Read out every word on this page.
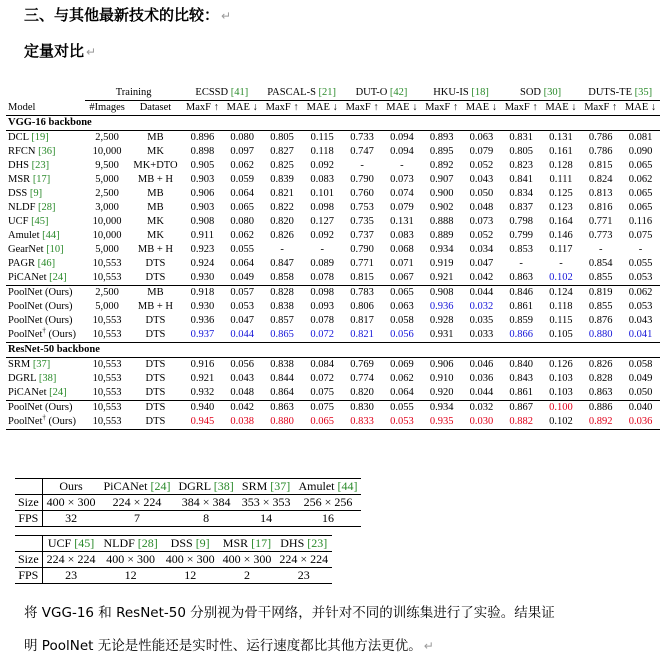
三、与其他最新技术的比较： ↵
定量对比 ↵
	Training		ECSSD [41]		PASCAL-S [21]		DUT-O [42]		HKU-IS [18]		SOD [30]		DUTS-TE [35]	
Model	#Images	Dataset	MaxF ↑	MAE ↓	MaxF ↑	MAE ↓	MaxF ↑	MAE ↓	MaxF ↑	MAE ↓	MaxF ↑	MAE ↓	MaxF ↑	MAE ↓
VGG-16 backbone														
DCL [19]	2,500	MB	0.896	0.080	0.805	0.115	0.733	0.094	0.893	0.063	0.831	0.131	0.786	0.081
RFCN [36]	10,000	MK	0.898	0.097	0.827	0.118	0.747	0.094	0.895	0.079	0.805	0.161	0.786	0.090
DHS [23]	9,500	MK+DTO	0.905	0.062	0.825	0.092	-	-	0.892	0.052	0.823	0.128	0.815	0.065
MSR [17]	5,000	MB + H	0.903	0.059	0.839	0.083	0.790	0.073	0.907	0.043	0.841	0.111	0.824	0.062
DSS [9]	2,500	MB	0.906	0.064	0.821	0.101	0.760	0.074	0.900	0.050	0.834	0.125	0.813	0.065
NLDF [28]	3,000	MB	0.903	0.065	0.822	0.098	0.753	0.079	0.902	0.048	0.837	0.123	0.816	0.065
UCF [45]	10,000	MK	0.908	0.080	0.820	0.127	0.735	0.131	0.888	0.073	0.798	0.164	0.771	0.116
Amulet [44]	10,000	MK	0.911	0.062	0.826	0.092	0.737	0.083	0.889	0.052	0.799	0.146	0.773	0.075
GearNet [10]	5,000	MB + H	0.923	0.055	-	-	0.790	0.068	0.934	0.034	0.853	0.117	-	-
PAGR [46]	10,553	DTS	0.924	0.064	0.847	0.089	0.771	0.071	0.919	0.047	-	-	0.854	0.055
PiCANet [24]	10,553	DTS	0.930	0.049	0.858	0.078	0.815	0.067	0.921	0.042	0.863	0.102	0.855	0.053
PoolNet (Ours)	2,500	MB	0.918	0.057	0.828	0.098	0.783	0.065	0.908	0.044	0.846	0.124	0.819	0.062
PoolNet (Ours)	5,000	MB + H	0.930	0.053	0.838	0.093	0.806	0.063	0.936	0.032	0.861	0.118	0.855	0.053
PoolNet (Ours)	10,553	DTS	0.936	0.047	0.857	0.078	0.817	0.058	0.928	0.035	0.859	0.115	0.876	0.043
PoolNet† (Ours)	10,553	DTS	0.937	0.044	0.865	0.072	0.821	0.056	0.931	0.033	0.866	0.105	0.880	0.041
ResNet-50 backbone														
SRM [37]	10,553	DTS	0.916	0.056	0.838	0.084	0.769	0.069	0.906	0.046	0.840	0.126	0.826	0.058
DGRL [38]	10,553	DTS	0.921	0.043	0.844	0.072	0.774	0.062	0.910	0.036	0.843	0.103	0.828	0.049
PiCANet [24]	10,553	DTS	0.932	0.048	0.864	0.075	0.820	0.064	0.920	0.044	0.861	0.103	0.863	0.050
PoolNet (Ours)	10,553	DTS	0.940	0.042	0.863	0.075	0.830	0.055	0.934	0.032	0.867	0.100	0.886	0.040
PoolNet† (Ours)	10,553	DTS	0.945	0.038	0.880	0.065	0.833	0.053	0.935	0.030	0.882	0.102	0.892	0.036

	Ours	PiCANet [24]	DGRL [38]	SRM [37]	Amulet [44]
Size	400 × 300	224 × 224	384 × 384	353 × 353	256 × 256
FPS	32	7	8	14	16
	UCF [45]	NLDF [28]	DSS [9]	MSR [17]	DHS [23]
Size	224 × 224	400 × 300	400 × 300	400 × 300	224 × 224
FPS	23	12	12	2	23
将 VGG-16 和 ResNet-50 分别视为骨干网络，并针对不同的训练集进行了实验。结果证
明 PoolNet 无论是性能还是实时性、运行速度都比其他方法更优。 ↵
